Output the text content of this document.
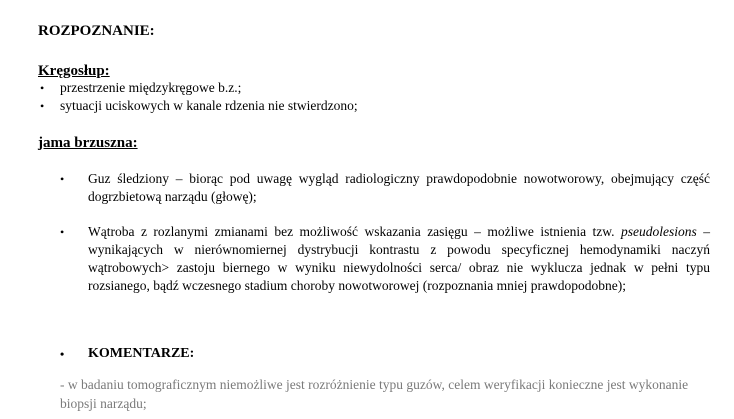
ROZPOZNANIE:
Kręgosłup:
• przestrzenie międzykręgowe b.z.;
• sytuacji uciskowych w kanale rdzenia nie stwierdzono;
jama brzuszna:
• Guz śledziony – biorąc pod uwagę wygląd radiologiczny prawdopodobnie nowotworowy, obejmujący część dogrzbietową narządu (głowę);
• Wątroba z rozlanymi zmianami bez możliwość wskazania zasięgu – możliwe istnienia tzw. pseudolesions – wynikających w nierównomiernej dystrybucji kontrastu z powodu specyficznej hemodynamiki naczyń wątrobowych> zastoju biernego w wyniku niewydolności serca/ obraz nie wyklucza jednak w pełni typu rozsianego, bądź wczesnego stadium choroby nowotworowej (rozpoznania mniej prawdopodobne);
• KOMENTARZE:
- w badaniu tomograficznym niemożliwe jest rozróżnienie typu guzów, celem weryfikacji konieczne jest wykonanie biopsji narządu;
